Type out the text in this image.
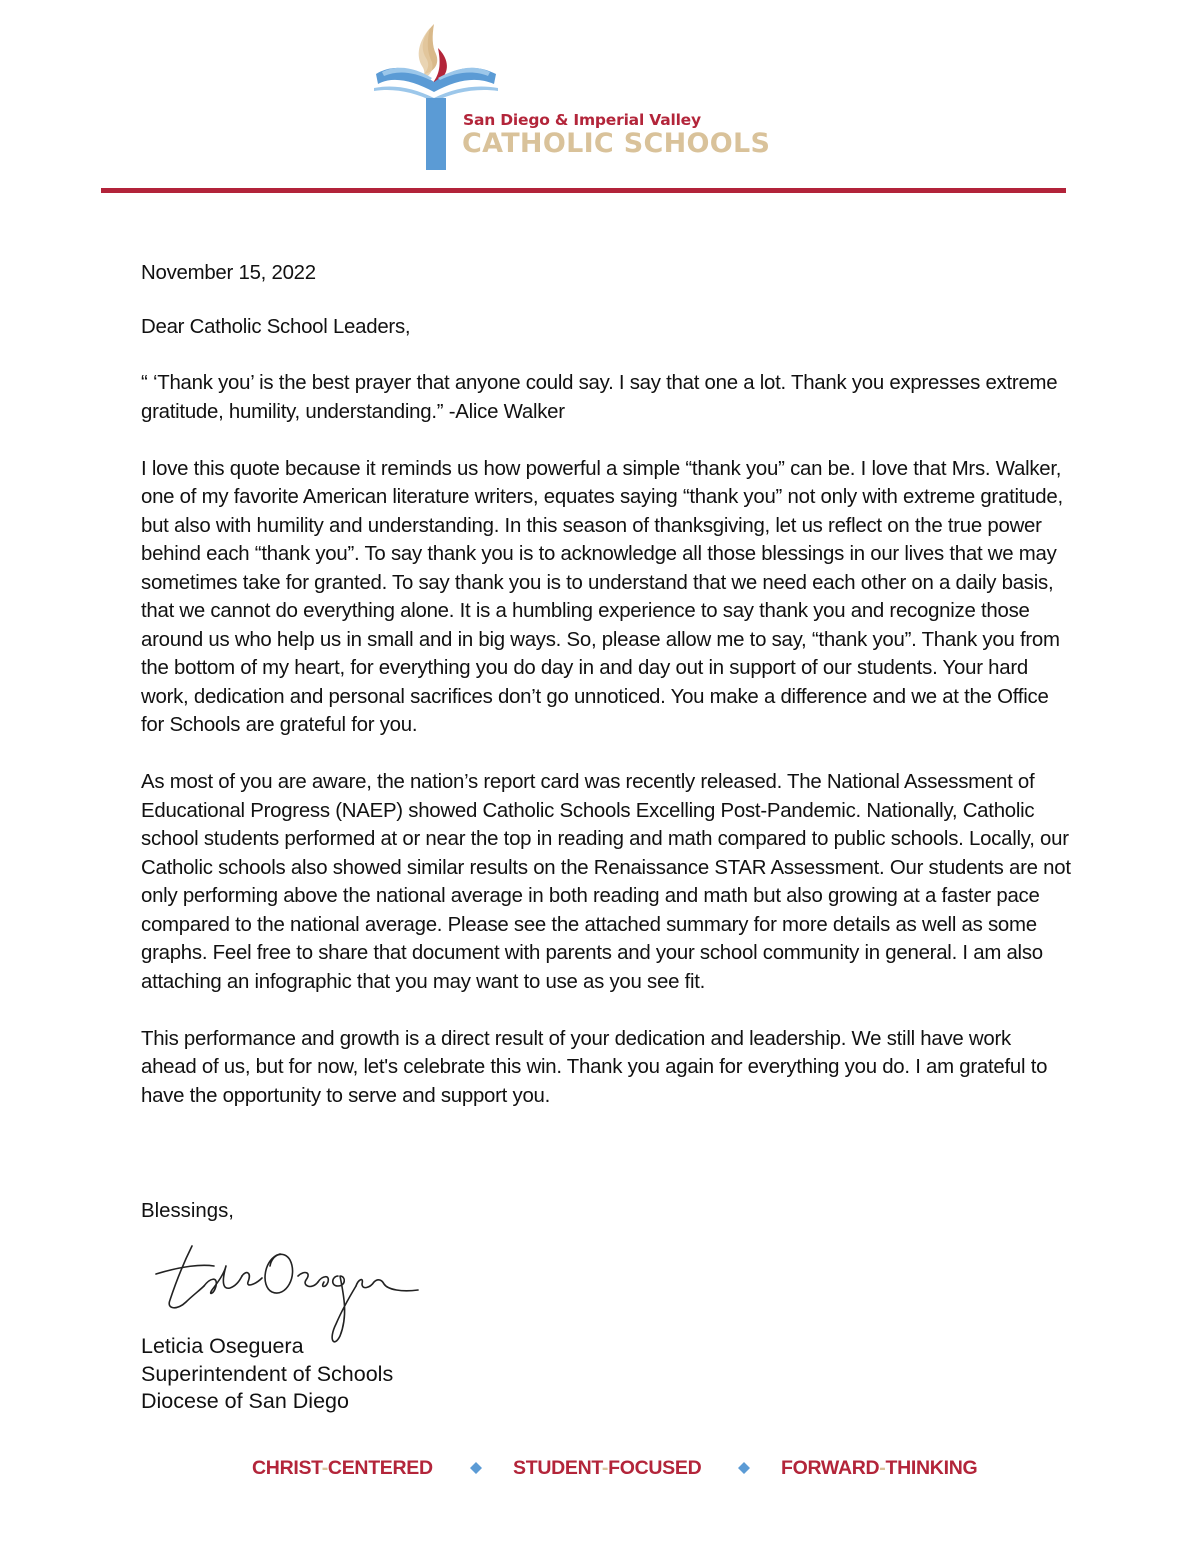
San Diego & Imperial Valley
CATHOLIC SCHOOLS

November 15, 2022

Dear Catholic School Leaders,

“ ‘Thank you’ is the best prayer that anyone could say. I say that one a lot. Thank you expresses extreme gratitude, humility, understanding.” -Alice Walker

I love this quote because it reminds us how powerful a simple “thank you” can be. I love that Mrs. Walker, one of my favorite American literature writers, equates saying “thank you” not only with extreme gratitude, but also with humility and understanding. In this season of thanksgiving, let us reflect on the true power behind each “thank you”. To say thank you is to acknowledge all those blessings in our lives that we may sometimes take for granted. To say thank you is to understand that we need each other on a daily basis, that we cannot do everything alone. It is a humbling experience to say thank you and recognize those around us who help us in small and in big ways. So, please allow me to say, “thank you”. Thank you from the bottom of my heart, for everything you do day in and day out in support of our students. Your hard work, dedication and personal sacrifices don’t go unnoticed. You make a difference and we at the Office for Schools are grateful for you.

As most of you are aware, the nation’s report card was recently released. The National Assessment of Educational Progress (NAEP) showed Catholic Schools Excelling Post-Pandemic. Nationally, Catholic school students performed at or near the top in reading and math compared to public schools. Locally, our Catholic schools also showed similar results on the Renaissance STAR Assessment. Our students are not only performing above the national average in both reading and math but also growing at a faster pace compared to the national average. Please see the attached summary for more details as well as some graphs. Feel free to share that document with parents and your school community in general. I am also attaching an infographic that you may want to use as you see fit.

This performance and growth is a direct result of your dedication and leadership. We still have work ahead of us, but for now, let's celebrate this win. Thank you again for everything you do. I am grateful to have the opportunity to serve and support you.

Blessings,
Leticia Oseguera
Superintendent of Schools
Diocese of San Diego
CHRIST-CENTERED	STUDENT-FOCUSED	FORWARD-THINKING
